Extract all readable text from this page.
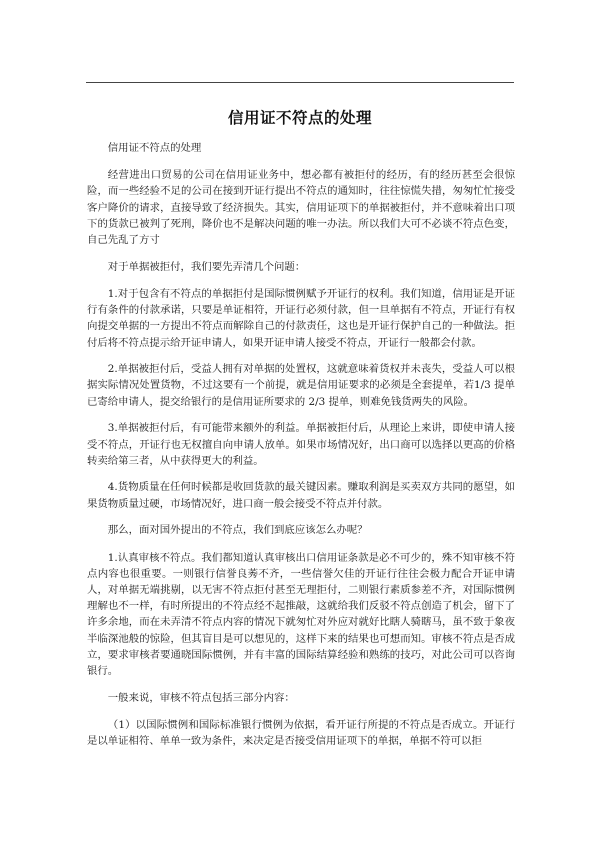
信用证不符点的处理

信用证不符点的处理

经营进出口贸易的公司在信用证业务中，想必都有被拒付的经历，有的经历甚至会很惊险，而一些经验不足的公司在接到开证行提出不符点的通知时，往往惊慌失措，匆匆忙忙接受客户降价的请求，直接导致了经济损失。其实，信用证项下的单据被拒付，并不意味着出口项下的货款已被判了死刑，降价也不是解决问题的唯一办法。所以我们大可不必谈不符点色变，自己先乱了方寸

对于单据被拒付，我们要先弄清几个问题：

1.对于包含有不符点的单据拒付是国际惯例赋予开证行的权利。我们知道，信用证是开证行有条件的付款承诺，只要是单证相符，开证行必须付款，但一旦单据有不符点，开证行有权向提交单据的一方提出不符点而解除自己的付款责任，这也是开证行保护自己的一种做法。拒付后将不符点提示给开证申请人，如果开证申请人接受不符点，开证行一般都会付款。

2.单据被拒付后，受益人拥有对单据的处置权，这就意味着货权并未丧失，受益人可以根据实际情况处置货物，不过这要有一个前提，就是信用证要求的必须是全套提单，若1/3 提单已寄给申请人，提交给银行的是信用证所要求的 2/3 提单，则难免钱货两失的风险。

3.单据被拒付后，有可能带来额外的利益。单据被拒付后，从理论上来讲，即使申请人接受不符点，开证行也无权擅自向申请人放单。如果市场情况好，出口商可以选择以更高的价格转卖给第三者，从中获得更大的利益。

4.货物质量在任何时候都是收回货款的最关键因素。赚取利润是买卖双方共同的愿望，如果货物质量过硬，市场情况好，进口商一般会接受不符点并付款。

那么，面对国外提出的不符点，我们到底应该怎么办呢？

1.认真审核不符点。我们都知道认真审核出口信用证条款是必不可少的，殊不知审核不符点内容也很重要。一则银行信誉良莠不齐，一些信誉欠佳的开证行往往会极力配合开证申请人，对单据无端挑剔，以无害不符点拒付甚至无理拒付，二则银行素质参差不齐，对国际惯例理解也不一样，有时所提出的不符点经不起推敲，这就给我们反驳不符点创造了机会，留下了许多余地，而在未弄清不符点内容的情况下就匆忙对外应对就好比瞎人骑瞎马，虽不致于象夜半临深池般的惊险，但其盲目是可以想见的，这样下来的结果也可想而知。审核不符点是否成立，要求审核者要通晓国际惯例，并有丰富的国际结算经验和熟练的技巧，对此公司可以咨询银行。

一般来说，审核不符点包括三部分内容：

（1）以国际惯例和国际标准银行惯例为依据，看开证行所提的不符点是否成立。开证行是以单证相符、单单一致为条件，来决定是否接受信用证项下的单据，单据不符可以拒
